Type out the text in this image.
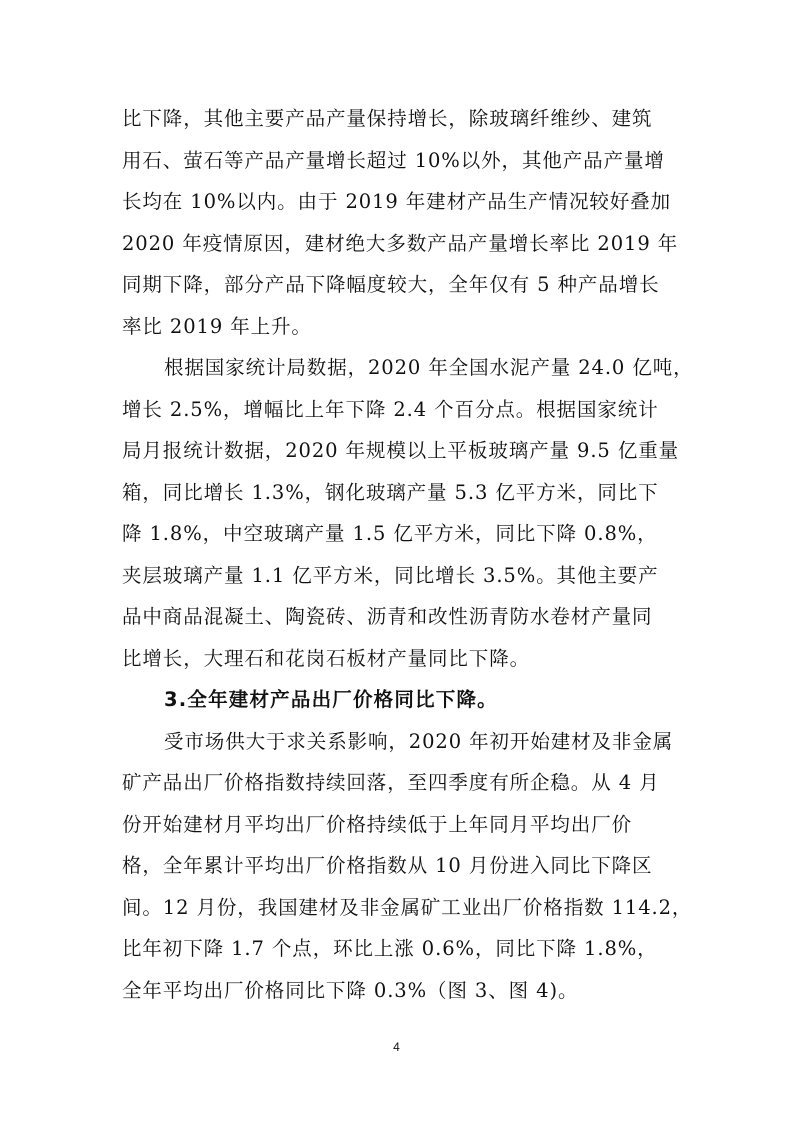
比下降，其他主要产品产量保持增长，除玻璃纤维纱、建筑
用石、萤石等产品产量增长超过 10%以外，其他产品产量增
长均在 10%以内。由于 2019 年建材产品生产情况较好叠加
2020 年疫情原因，建材绝大多数产品产量增长率比 2019 年
同期下降，部分产品下降幅度较大，全年仅有 5 种产品增长
率比 2019 年上升。
根据国家统计局数据，2020 年全国水泥产量 24.0 亿吨，
增长 2.5%，增幅比上年下降 2.4 个百分点。根据国家统计
局月报统计数据，2020 年规模以上平板玻璃产量 9.5 亿重量
箱，同比增长 1.3%，钢化玻璃产量 5.3 亿平方米，同比下
降 1.8%，中空玻璃产量 1.5 亿平方米，同比下降 0.8%，
夹层玻璃产量 1.1 亿平方米，同比增长 3.5%。其他主要产
品中商品混凝土、陶瓷砖、沥青和改性沥青防水卷材产量同
比增长，大理石和花岗石板材产量同比下降。
3.全年建材产品出厂价格同比下降。
受市场供大于求关系影响，2020 年初开始建材及非金属
矿产品出厂价格指数持续回落，至四季度有所企稳。从 4 月
份开始建材月平均出厂价格持续低于上年同月平均出厂价
格，全年累计平均出厂价格指数从 10 月份进入同比下降区
间。12 月份，我国建材及非金属矿工业出厂价格指数 114.2，
比年初下降 1.7 个点，环比上涨 0.6%，同比下降 1.8%，
全年平均出厂价格同比下降 0.3%（图 3、图 4)。
4
